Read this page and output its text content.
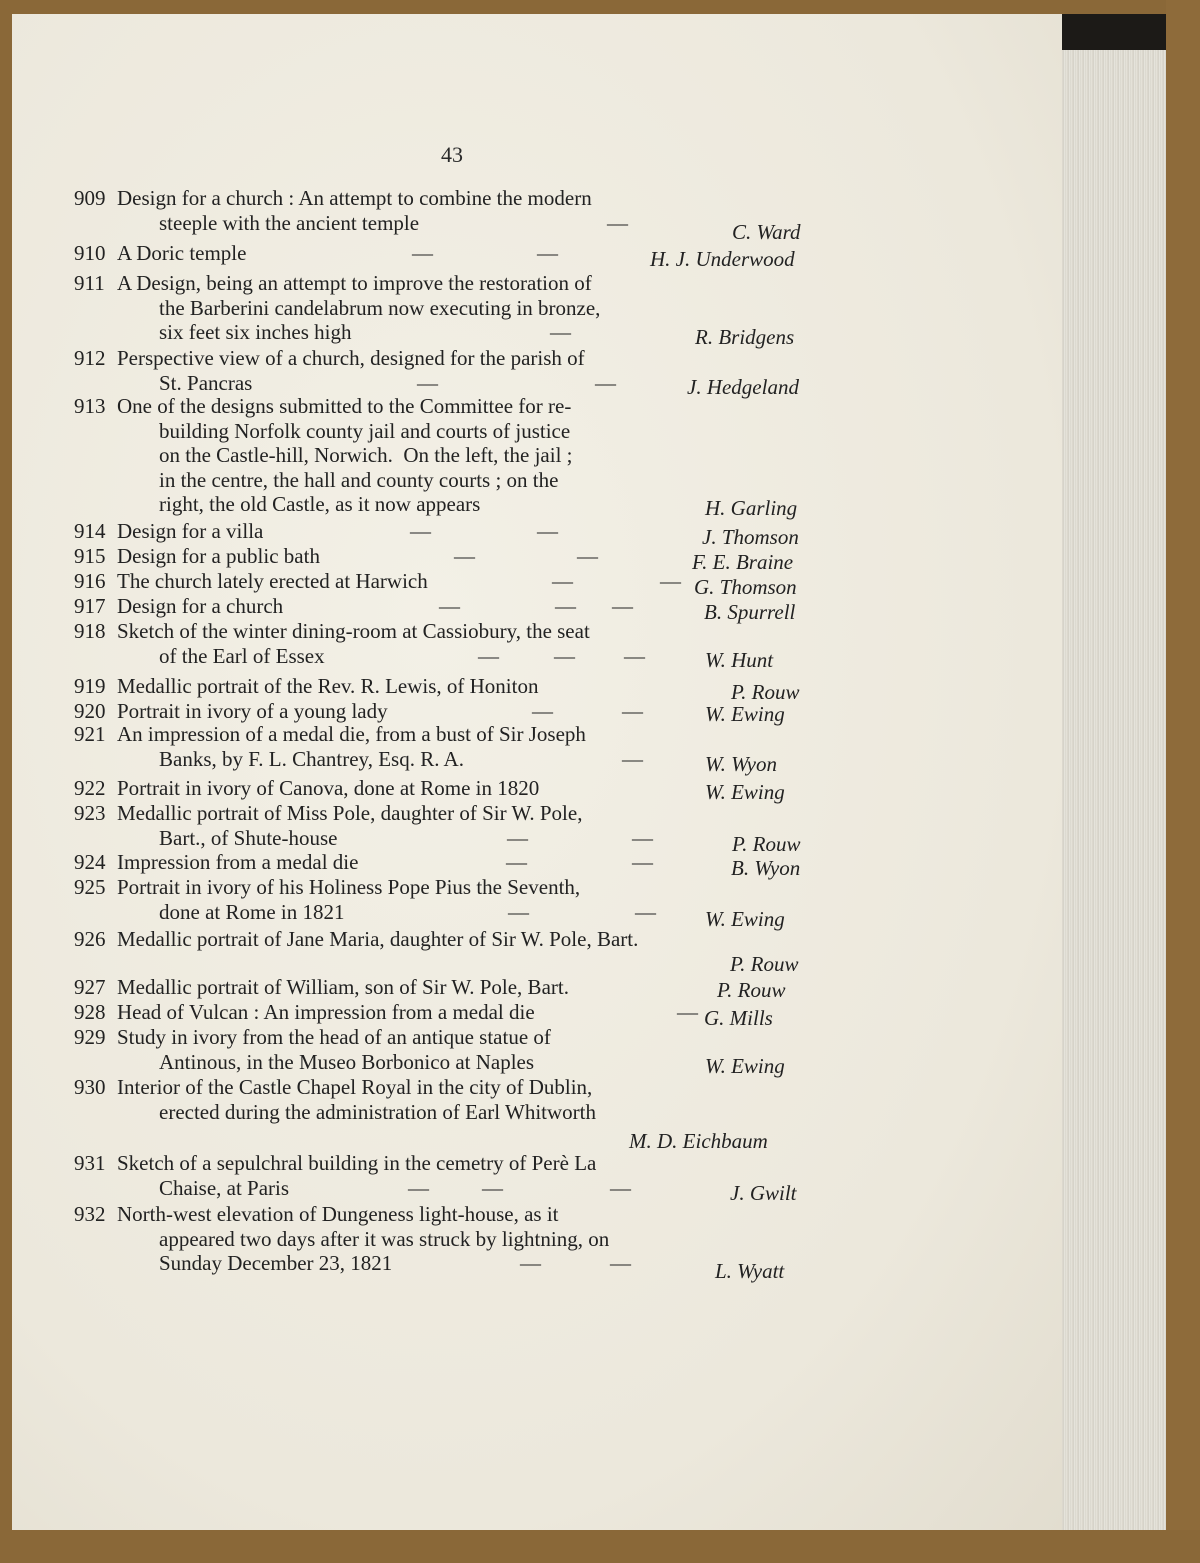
43
909 Design for a church : An attempt to combine the modern
steeple with the ancient temple	—	C. Ward
910 A Doric temple	—	—	H. J. Underwood
911 A Design, being an attempt to improve the restoration of
the Barberini candelabrum now executing in bronze,
six feet six inches high	—	R. Bridgens
912 Perspective view of a church, designed for the parish of
St. Pancras	—	—	J. Hedgeland
913 One of the designs submitted to the Committee for re-
building Norfolk county jail and courts of justice
on the Castle-hill, Norwich.  On the left, the jail ;
in the centre, the hall and county courts ; on the
right, the old Castle, as it now appears	H. Garling
914 Design for a villa	—	—	J. Thomson
915 Design for a public bath	—	—	F. E. Braine
916 The church lately erected at Harwich	—	— G. Thomson
917 Design for a church	—	— —	B. Spurrell
918 Sketch of the winter dining-room at Cassiobury, the seat
of the Earl of Essex	—	— —	W. Hunt
919 Medallic portrait of the Rev. R. Lewis, of Honiton	P. Rouw
920 Portrait in ivory of a young lady	—	—	W. Ewing
921 An impression of a medal die, from a bust of Sir Joseph
Banks, by F. L. Chantrey, Esq. R. A.	—	W. Wyon
922 Portrait in ivory of Canova, done at Rome in 1820	W. Ewing
923 Medallic portrait of Miss Pole, daughter of Sir W. Pole,
Bart., of Shute-house	—	—	P. Rouw
924 Impression from a medal die	—	—	B. Wyon
925 Portrait in ivory of his Holiness Pope Pius the Seventh,
done at Rome in 1821	—	— W. Ewing
926 Medallic portrait of Jane Maria, daughter of Sir W. Pole, Bart.
P. Rouw
927 Medallic portrait of William, son of Sir W. Pole, Bart.	P. Rouw
928 Head of Vulcan : An impression from a medal die	— G. Mills
929 Study in ivory from the head of an antique statue of
Antinous, in the Museo Borbonico at Naples	W. Ewing
930 Interior of the Castle Chapel Royal in the city of Dublin,
erected during the administration of Earl Whitworth
M. D. Eichbaum
931 Sketch of a sepulchral building in the cemetry of Perè La
Chaise, at Paris	—	—	—	J. Gwilt
932 North-west elevation of Dungeness light-house, as it
appeared two days after it was struck by lightning, on
Sunday December 23, 1821	—	—	L. Wyatt
